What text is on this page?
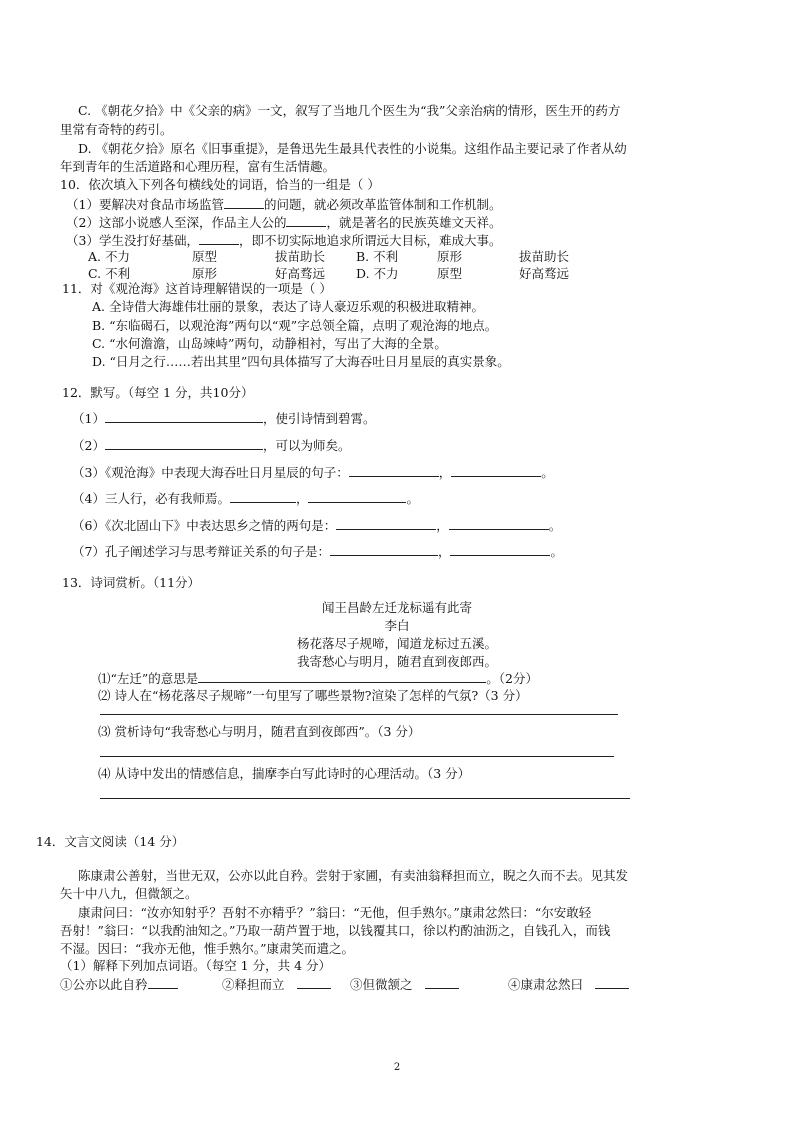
C. 《朝花夕拾》中《父亲的病》一文，叙写了当地几个医生为“我”父亲治病的情形，医生开的药方
里常有奇特的药引。
D. 《朝花夕拾》原名《旧事重提》，是鲁迅先生最具代表性的小说集。这组作品主要记录了作者从幼
年到青年的生活道路和心理历程，富有生活情趣。
10．依次填入下列各句横线处的词语，恰当的一组是（ ）
（1）要解决对食品市场监管	的问题，就必须改革监管体制和工作机制。
（2）这部小说感人至深，作品主人公的	，就是著名的民族英雄文天祥。
（3）学生没打好基础，	，即不切实际地追求所谓远大目标，难成大事。
A. 不力	原型	拔苗助长 B. 不利	原形	拔苗助长
C. 不利	原形	好高骛远 D. 不力	原型	好高骛远
11．对《观沧海》这首诗理解错误的一项是（ ）
A. 全诗借大海雄伟壮丽的景象，表达了诗人豪迈乐观的积极进取精神。
B. “东临碣石，以观沧海”两句以“观”字总领全篇，点明了观沧海的地点。
C. “水何澹澹，山岛竦峙”两句，动静相衬，写出了大海的全景。
D. “日月之行……若出其里”四句具体描写了大海吞吐日月星辰的真实景象。
12．默写。（每空 1 分，共10分）
（1）	，使引诗情到碧霄。
（2）	，可以为师矣。
（3）《观沧海》中表现大海吞吐日月星辰的句子：	，	。
（4）三人行，必有我师焉。	，	。
（6）《次北固山下》中表达思乡之情的两句是：	，	。
（7）孔子阐述学习与思考辩证关系的句子是：	，	。
13．诗词赏析。（11分）
闻王昌龄左迁龙标遥有此寄
李白
杨花落尽子规啼，闻道龙标过五溪。
我寄愁心与明月，随君直到夜郎西。
⑴“左迁”的意思是	。（2分）
⑵ 诗人在“杨花落尽子规啼”一句里写了哪些景物?渲染了怎样的气氛?（3 分）
⑶ 赏析诗句“我寄愁心与明月，随君直到夜郎西”。（3 分）
⑷ 从诗中发出的情感信息，揣摩李白写此诗时的心理活动。（3 分）
14．文言文阅读（14 分）
陈康肃公善射，当世无双，公亦以此自矜。尝射于家圃，有卖油翁释担而立，睨之久而不去。见其发
矢十中八九，但微颔之。
康肃问曰：“汝亦知射乎？吾射不亦精乎？”翁曰：“无他，但手熟尔。”康肃忿然曰：“尔安敢轻
吾射！”翁曰：“以我酌油知之。”乃取一葫芦置于地，以钱覆其口，徐以杓酌油沥之，自钱孔入，而钱
不湿。因曰：“我亦无他，惟手熟尔。”康肃笑而遣之。
（1）解释下列加点词语。（每空 1 分，共 4 分）
①公亦以此自矜	②释担而立	③但微颔之	④康肃忿然曰
2
